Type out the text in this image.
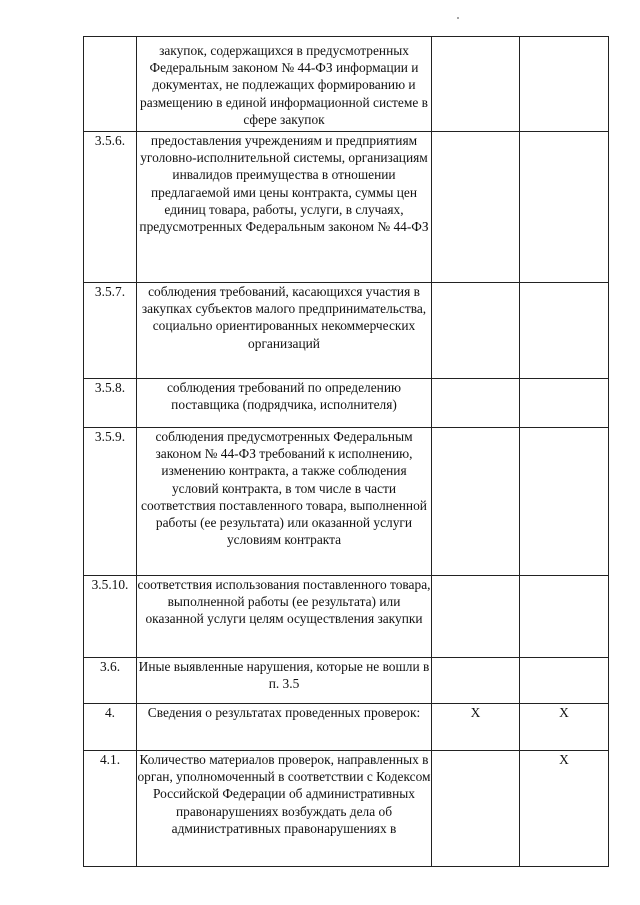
	закупок, содержащихся в предусмотренных Федеральным законом № 44-ФЗ информации и документах, не подлежащих формированию и размещению в единой информационной системе в сфере закупок		
3.5.6.	предоставления учреждениям и предприятиям уголовно-исполнительной системы, организациям инвалидов преимущества в отношении предлагаемой ими цены контракта, суммы цен единиц товара, работы, услуги, в случаях, предусмотренных Федеральным законом № 44-ФЗ		
3.5.7.	соблюдения требований, касающихся участия в закупках субъектов малого предпринимательства, социально ориентированных некоммерческих организаций		
3.5.8.	соблюдения требований по определению поставщика (подрядчика, исполнителя)		
3.5.9.	соблюдения предусмотренных Федеральным законом № 44-ФЗ требований к исполнению, изменению контракта, а также соблюдения условий контракта, в том числе в части соответствия поставленного товара, выполненной работы (ее результата) или оказанной услуги условиям контракта		
3.5.10.	соответствия использования поставленного товара, выполненной работы (ее результата) или оказанной услуги целям осуществления закупки		
3.6.	Иные выявленные нарушения, которые не вошли в п. 3.5		
4.	Сведения о результатах проведенных проверок:	X	X
4.1.	Количество материалов проверок, направленных в орган, уполномоченный в соответствии с Кодексом Российской Федерации об административных правонарушениях возбуждать дела об административных правонарушениях в		X
